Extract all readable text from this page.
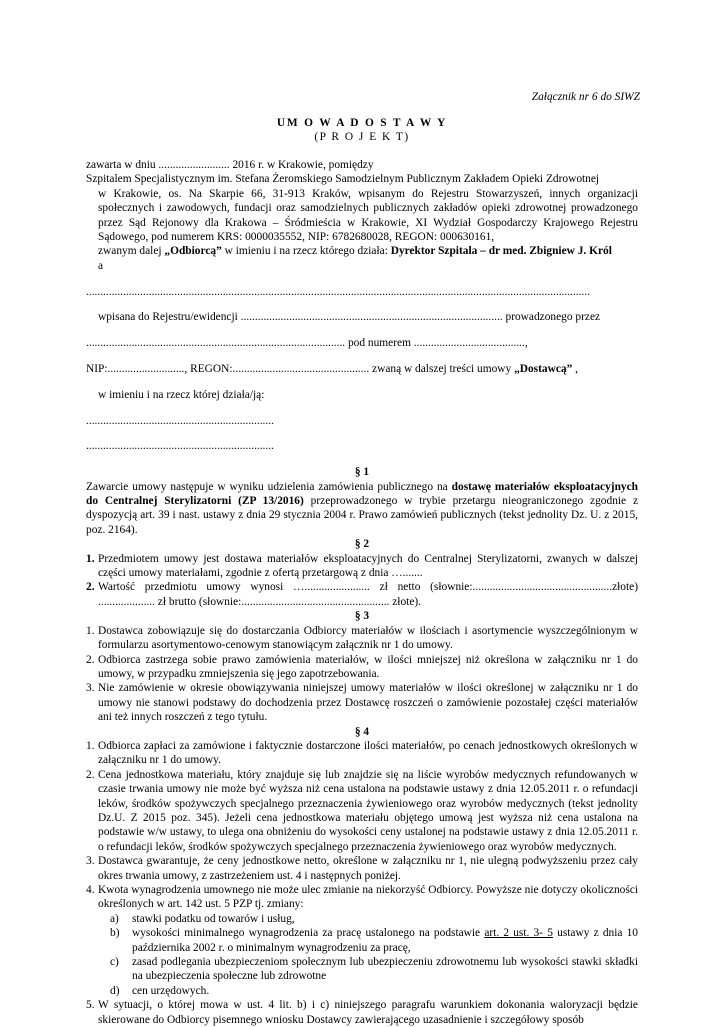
Załącznik nr 6 do SIWZ
UM O W A D O S T A W Y
(P R O J E K T)

zawarta w dniu ......................... 2016 r. w Krakowie, pomiędzy

Szpitalem Specjalistycznym im. Stefana Żeromskiego Samodzielnym Publicznym Zakładem Opieki Zdrowotnej

w Krakowie, os. Na Skarpie 66, 31-913 Kraków, wpisanym do Rejestru Stowarzyszeń, innych organizacji społecznych i zawodowych, fundacji oraz samodzielnych publicznych zakładów opieki zdrowotnej prowadzonego przez Sąd Rejonowy dla Krakowa – Śródmieścia w Krakowie, XI Wydział Gospodarczy Krajowego Rejestru Sądowego, pod numerem KRS: 0000035552, NIP: 6782680028, REGON: 000630161,

zwanym dalej „Odbiorcą” w imieniu i na rzecz którego działa: Dyrektor Szpitala – dr med. Zbigniew J. Król

a

.................................................................................................................................................................................

wpisana do Rejestru/ewidencji ............................................................................................ prowadzonego przez

........................................................................................... pod numerem .......................................,

NIP:..........................., REGON:................................................ zwaną w dalszej treści umowy „Dostawcą” ,

w imieniu i na rzecz której działa/ją:

..................................................................

..................................................................

§ 1

Zawarcie umowy następuje w wyniku udzielenia zamówienia publicznego na dostawę materiałów eksploatacyjnych do Centralnej Sterylizatorni (ZP 13/2016) przeprowadzonego w trybie przetargu nieograniczonego zgodnie z dyspozycją art. 39 i nast. ustawy z dnia 29 stycznia 2004 r. Prawo zamówień publicznych (tekst jednolity Dz. U. z 2015, poz. 2164).

§ 2

1. Przedmiotem umowy jest dostawa materiałów eksploatacyjnych do Centralnej Sterylizatorni, zwanych w dalszej części umowy materiałami, zgodnie z ofertą przetargową z dnia ….......
2. Wartość przedmiotu umowy wynosi …....................... zł netto (słownie:.................................................złote) .................... zł brutto (słownie:.................................................... złote).

§ 3

1. Dostawca zobowiązuje się do dostarczania Odbiorcy materiałów w ilościach i asortymencie wyszczególnionym w formularzu asortymentowo-cenowym stanowiącym załącznik nr 1 do umowy.
2. Odbiorca zastrzega sobie prawo zamówienia materiałów, w ilości mniejszej niż określona w załączniku nr 1 do umowy, w przypadku zmniejszenia się jego zapotrzebowania.
3. Nie zamówienie w okresie obowiązywania niniejszej umowy materiałów w ilości określonej w załączniku nr 1 do umowy nie stanowi podstawy do dochodzenia przez Dostawcę roszczeń o zamówienie pozostałej części materiałów ani też innych roszczeń z tego tytułu.

§ 4

1. Odbiorca zapłaci za zamówione i faktycznie dostarczone ilości materiałów, po cenach jednostkowych określonych w załączniku nr 1 do umowy.
2. Cena jednostkowa materiału, który znajduje się lub znajdzie się na liście wyrobów medycznych refundowanych w czasie trwania umowy nie może być wyższa niż cena ustalona na podstawie ustawy z dnia 12.05.2011 r. o refundacji leków, środków spożywczych specjalnego przeznaczenia żywieniowego oraz wyrobów medycznych (tekst jednolity Dz.U. Z 2015 poz. 345). Jeżeli cena jednostkowa materiału objętego umową jest wyższa niż cena ustalona na podstawie w/w ustawy, to ulega ona obniżeniu do wysokości ceny ustalonej na podstawie ustawy z dnia 12.05.2011 r. o refundacji leków, środków spożywczych specjalnego przeznaczenia żywieniowego oraz wyrobów medycznych.
3. Dostawca gwarantuje, że ceny jednostkowe netto, określone w załączniku nr 1, nie ulegną podwyższeniu przez cały okres trwania umowy, z zastrzeżeniem ust. 4 i następnych poniżej.
4. Kwota wynagrodzenia umownego nie może ulec zmianie na niekorzyść Odbiorcy. Powyższe nie dotyczy okoliczności określonych w art. 142 ust. 5 PZP tj. zmiany:
a)	stawki podatku od towarów i usług,
b)	wysokości minimalnego wynagrodzenia za pracę ustalonego na podstawie art. 2 ust. 3- 5 ustawy z dnia 10 października 2002 r. o minimalnym wynagrodzeniu za pracę,
c)	zasad podlegania ubezpieczeniom społecznym lub ubezpieczeniu zdrowotnemu lub wysokości stawki składki na ubezpieczenia społeczne lub zdrowotne
d)	cen urzędowych.
5. W sytuacji, o której mowa w ust. 4 lit. b) i c) niniejszego paragrafu warunkiem dokonania waloryzacji będzie skierowane do Odbiorcy pisemnego wniosku Dostawcy zawierającego uzasadnienie i szczegółowy sposób
